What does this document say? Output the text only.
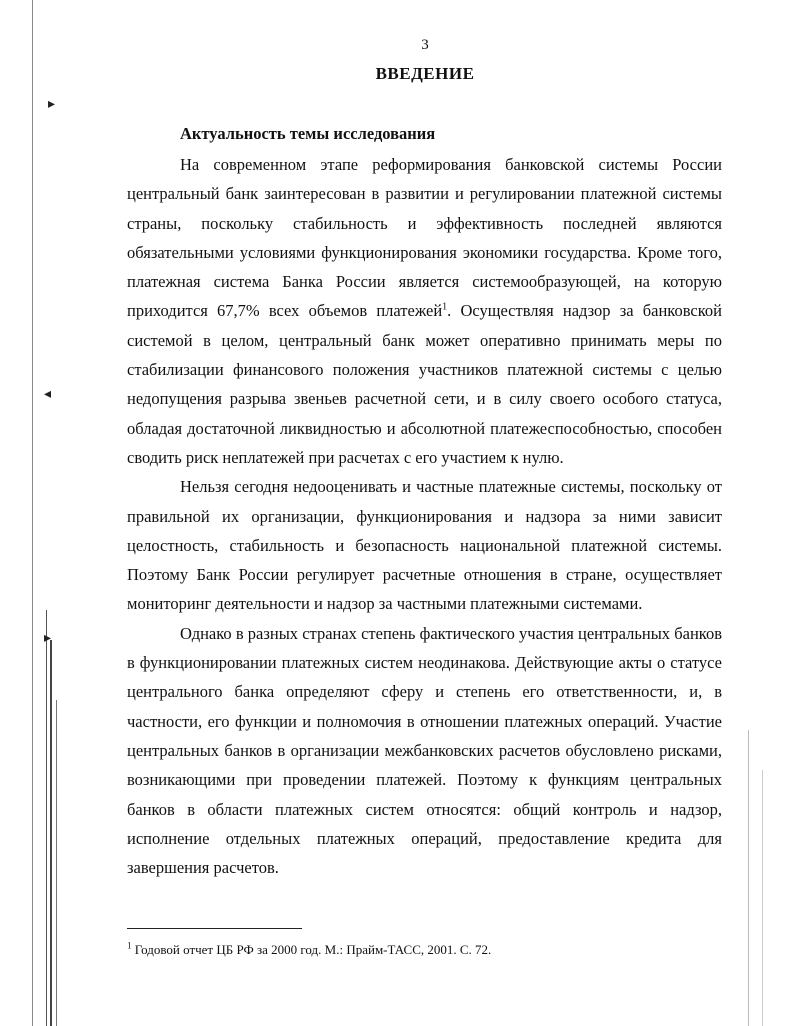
▸
◂
▸
3
ВВЕДЕНИЕ
Актуальность темы исследования

На современном этапе реформирования банковской системы России центральный банк заинтересован в развитии и регулировании платежной системы страны, поскольку стабильность и эффективность последней являются обязательными условиями функционирования экономики государства. Кроме того, платежная система Банка России является системообразующей, на которую приходится 67,7% всех объемов платежей$^1$. Осуществляя надзор за банковской системой в целом, центральный банк может оперативно принимать меры по стабилизации финансового положения участников платежной системы с целью недопущения разрыва звеньев расчетной сети, и в силу своего особого статуса, обладая достаточной ликвидностью и абсолютной платежеспособностью, способен сводить риск неплатежей при расчетах с его участием к нулю.

Нельзя сегодня недооценивать и частные платежные системы, поскольку от правильной их организации, функционирования и надзора за ними зависит целостность, стабильность и безопасность национальной платежной системы. Поэтому Банк России регулирует расчетные отношения в стране, осуществляет мониторинг деятельности и надзор за частными платежными системами.

Однако в разных странах степень фактического участия центральных банков в функционировании платежных систем неодинакова. Действующие акты о статусе центрального банка определяют сферу и степень его ответственности, и, в частности, его функции и полномочия в отношении платежных операций. Участие центральных банков в организации межбанковских расчетов обусловлено рисками, возникающими при проведении платежей. Поэтому к функциям центральных банков в области платежных систем относятся: общий контроль и надзор, исполнение отдельных платежных операций, предоставление кредита для завершения расчетов.

$^1$ Годовой отчет ЦБ РФ за 2000 год. М.: Прайм-ТАСС, 2001. С. 72.
